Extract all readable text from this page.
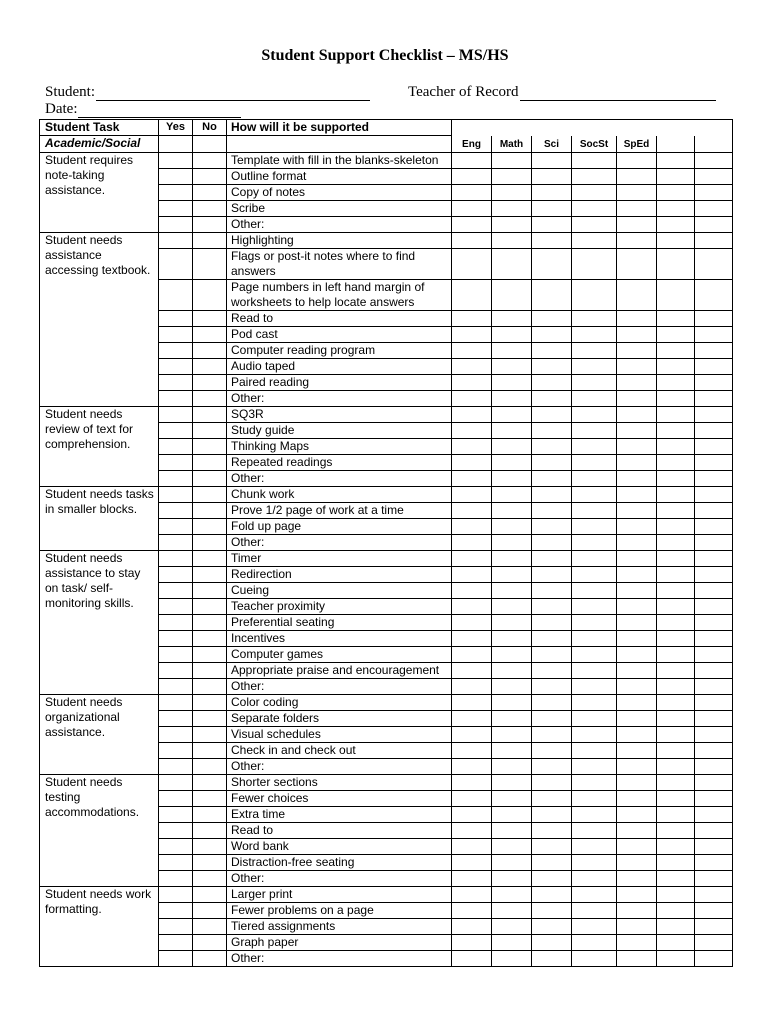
Student Support Checklist – MS/HS
Student:	Teacher of Record
Date:
Student Task	Yes	No	How will it be supported							
Academic/Social				Eng	Math	Sci	SocSt	SpEd		
Student requires note-taking assistance.			Template with fill in the blanks-skeleton							
			Outline format							
			Copy of notes							
			Scribe							
			Other:							
Student needs assistance accessing textbook.			Highlighting							
			Flags or post-it notes where to find answers							
			Page numbers in left hand margin of worksheets to help locate answers							
			Read to							
			Pod cast							
			Computer reading program							
			Audio taped							
			Paired reading							
			Other:							
Student needs review of text for comprehension.			SQ3R							
			Study guide							
			Thinking Maps							
			Repeated readings							
			Other:							
Student needs tasks in smaller blocks.			Chunk work							
			Prove 1/2 page of work at a time							
			Fold up page							
			Other:							
Student needs assistance to stay on task/ self-monitoring skills.			Timer							
			Redirection							
			Cueing							
			Teacher proximity							
			Preferential seating							
			Incentives							
			Computer games							
			Appropriate praise and encouragement							
			Other:							
Student needs organizational assistance.			Color coding							
			Separate folders							
			Visual schedules							
			Check in and check out							
			Other:							
Student needs testing accommodations.			Shorter sections							
			Fewer choices							
			Extra time							
			Read to							
			Word bank							
			Distraction-free seating							
			Other:							
Student needs work formatting.			Larger print							
			Fewer problems on a page							
			Tiered assignments							
			Graph paper							
			Other:							
